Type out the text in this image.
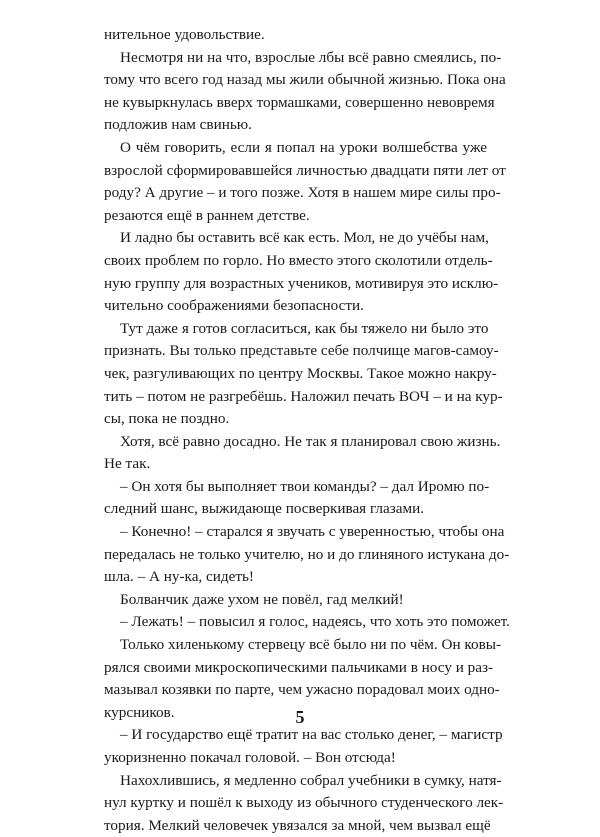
нительное удовольствие.
Несмотря ни на что, взрослые лбы всё равно смеялись, по-
тому что всего год назад мы жили обычной жизнью. Пока она
не кувыркнулась вверх тормашками, совершенно невовремя
подложив нам свинью.
О чём говорить, если я попал на уроки волшебства уже
взрослой сформировавшейся личностью двадцати пяти лет от
роду? А другие – и того позже. Хотя в нашем мире силы про-
резаются ещё в раннем детстве.
И ладно бы оставить всё как есть. Мол, не до учёбы нам,
своих проблем по горло. Но вместо этого сколотили отдель-
ную группу для возрастных учеников, мотивируя это исклю-
чительно соображениями безопасности.
Тут даже я готов согласиться, как бы тяжело ни было это
признать. Вы только представьте себе полчище магов-самоу-
чек, разгуливающих по центру Москвы. Такое можно накру-
тить – потом не разгребёшь. Наложил печать ВОЧ – и на кур-
сы, пока не поздно.
Хотя, всё равно досадно. Не так я планировал свою жизнь.
Не так.
– Он хотя бы выполняет твои команды? – дал Иромю по-
следний шанс, выжидающе посверкивая глазами.
– Конечно! – старался я звучать с уверенностью, чтобы она
передалась не только учителю, но и до глиняного истукана до-
шла. – А ну-ка, сидеть!
Болванчик даже ухом не повёл, гад мелкий!
– Лежать! – повысил я голос, надеясь, что хоть это поможет.
Только хиленькому стервецу всё было ни по чём. Он ковы-
рялся своими микроскопическими пальчиками в носу и раз-
мазывал козявки по парте, чем ужасно порадовал моих одно-
курсников.
– И государство ещё тратит на вас столько денег, – магистр
укоризненно покачал головой. – Вон отсюда!
Нахохлившись, я медленно собрал учебники в сумку, натя-
нул куртку и пошёл к выходу из обычного студенческого лек-
тория. Мелкий человечек увязался за мной, чем вызвал ещё
5
